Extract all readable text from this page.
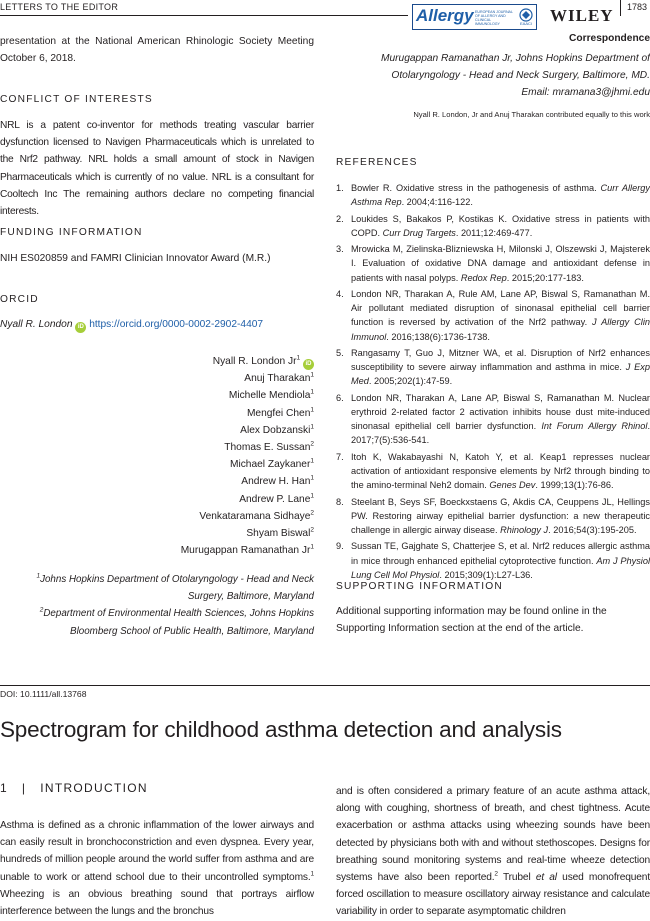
LETTERS TO THE EDITOR	Allergy EUROPEAN JOURNAL OF ALLERGY AND CLINICAL IMMUNOLOGY	EAACI WILEY 1783
presentation at the National American Rhinologic Society Meeting October 6, 2018.
CONFLICT OF INTERESTS
NRL is a patent co-inventor for methods treating vascular barrier dysfunction licensed to Navigen Pharmaceuticals which is unrelated to the Nrf2 pathway. NRL holds a small amount of stock in Navigen Pharmaceuticals which is currently of no value. NRL is a consultant for Cooltech Inc The remaining authors declare no competing financial interests.
FUNDING INFORMATION
NIH ES020859 and FAMRI Clinician Innovator Award (M.R.)
ORCID
Nyall R. London iD https://orcid.org/0000-0002-2902-4407
Nyall R. London Jr$^1$ iD
Anuj Tharakan$^1$
Michelle Mendiola$^1$
Mengfei Chen$^1$
Alex Dobzanski$^1$
Thomas E. Sussan$^2$
Michael Zaykaner$^1$
Andrew H. Han$^1$
Andrew P. Lane$^1$
Venkataramana Sidhaye$^2$
Shyam Biswal$^2$
Murugappan Ramanathan Jr$^1$
$^1$Johns Hopkins Department of Otolaryngology - Head and Neck
Surgery, Baltimore, Maryland
$^2$Department of Environmental Health Sciences, Johns Hopkins
Bloomberg School of Public Health, Baltimore, Maryland
Correspondence
Murugappan Ramanathan Jr, Johns Hopkins Department of
Otolaryngology - Head and Neck Surgery, Baltimore, MD.
Email: mramana3@jhmi.edu
Nyall R. London, Jr and Anuj Tharakan contributed equally to this work
REFERENCES
1. Bowler R. Oxidative stress in the pathogenesis of asthma. Curr Allergy Asthma Rep. 2004;4:116-122.
2. Loukides S, Bakakos P, Kostikas K. Oxidative stress in patients with COPD. Curr Drug Targets. 2011;12:469-477.
3. Mrowicka M, Zielinska-Blizniewska H, Milonski J, Olszewski J, Majsterek I. Evaluation of oxidative DNA damage and antioxidant defense in patients with nasal polyps. Redox Rep. 2015;20:177-183.
4. London NR, Tharakan A, Rule AM, Lane AP, Biswal S, Ramanathan M. Air pollutant mediated disruption of sinonasal epithelial cell barrier function is reversed by activation of the Nrf2 pathway. J Allergy Clin Immunol. 2016;138(6):1736-1738.
5. Rangasamy T, Guo J, Mitzner WA, et al. Disruption of Nrf2 enhances susceptibility to severe airway inflammation and asthma in mice. J Exp Med. 2005;202(1):47-59.
6. London NR, Tharakan A, Lane AP, Biswal S, Ramanathan M. Nuclear erythroid 2-related factor 2 activation inhibits house dust mite-induced sinonasal epithelial cell barrier dysfunction. Int Forum Allergy Rhinol. 2017;7(5):536-541.
7. Itoh K, Wakabayashi N, Katoh Y, et al. Keap1 represses nuclear activation of antioxidant responsive elements by Nrf2 through binding to the amino-terminal Neh2 domain. Genes Dev. 1999;13(1):76-86.
8. Steelant B, Seys SF, Boeckxstaens G, Akdis CA, Ceuppens JL, Hellings PW. Restoring airway epithelial barrier dysfunction: a new therapeutic challenge in allergic airway disease. Rhinology J. 2016;54(3):195-205.
9. Sussan TE, Gajghate S, Chatterjee S, et al. Nrf2 reduces allergic asthma in mice through enhanced epithelial cytoprotective function. Am J Physiol Lung Cell Mol Physiol. 2015;309(1):L27-L36.
SUPPORTING INFORMATION
Additional supporting information may be found online in the Supporting Information section at the end of the article.
DOI: 10.1111/all.13768
Spectrogram for childhood asthma detection and analysis
1 | INTRODUCTION
Asthma is defined as a chronic inflammation of the lower airways and can easily result in bronchoconstriction and even dyspnea. Every year, hundreds of million people around the world suffer from asthma and are unable to work or attend school due to their uncontrolled symptoms.$^1$ Wheezing is an obvious breathing sound that portrays airflow interference between the lungs and the bronchus
and is often considered a primary feature of an acute asthma attack, along with coughing, shortness of breath, and chest tightness. Acute exacerbation or asthma attacks using wheezing sounds have been detected by physicians both with and without stethoscopes. Designs for breathing sound monitoring systems and real-time wheeze detection systems have also been reported.$^2$ Trubel et al used monofrequent forced oscillation to measure oscillatory airway resistance and calculate variability in order to separate asymptomatic children
